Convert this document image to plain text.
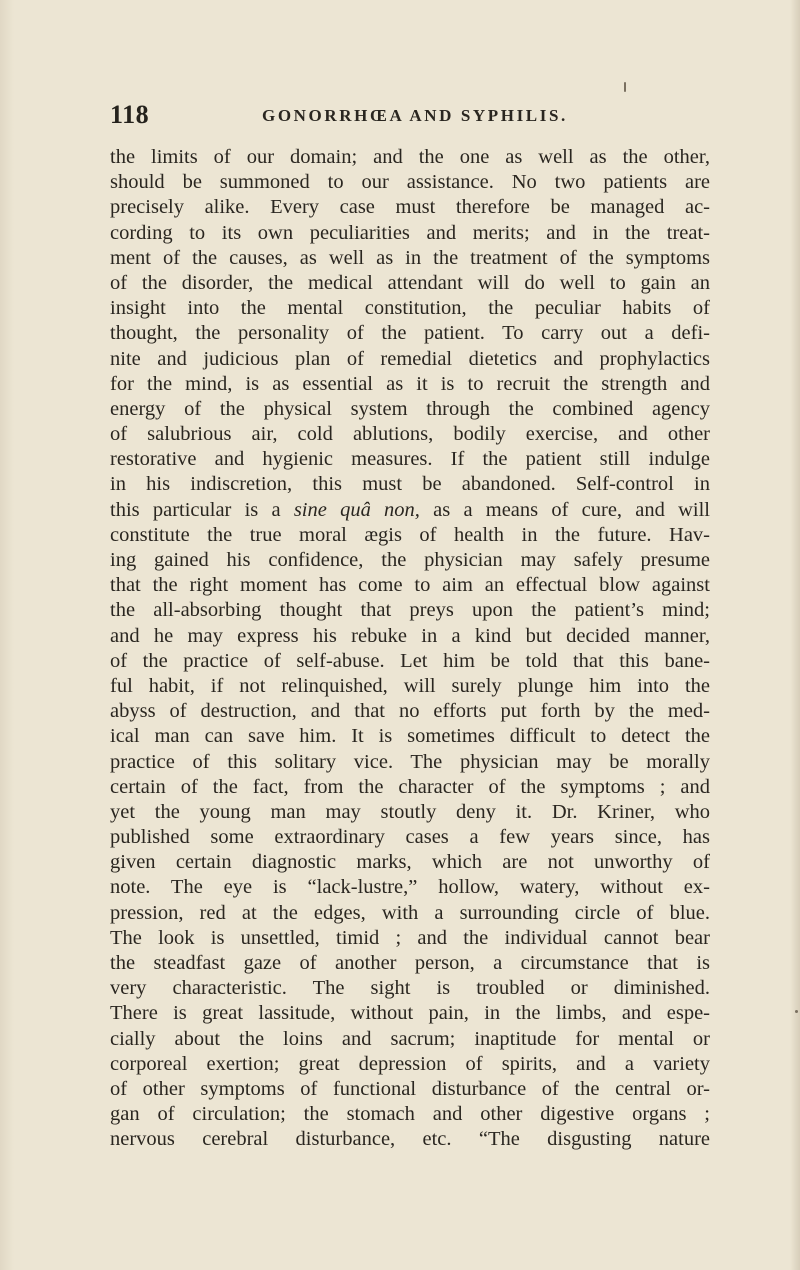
118	GONORRHŒA AND SYPHILIS.
the limits of our domain; and the one as well as the other,
should be summoned to our assistance. No two patients are
precisely alike. Every case must therefore be managed ac-
cording to its own peculiarities and merits; and in the treat-
ment of the causes, as well as in the treatment of the symptoms
of the disorder, the medical attendant will do well to gain an
insight into the mental constitution, the peculiar habits of
thought, the personality of the patient. To carry out a defi-
nite and judicious plan of remedial dietetics and prophylactics
for the mind, is as essential as it is to recruit the strength and
energy of the physical system through the combined agency
of salubrious air, cold ablutions, bodily exercise, and other
restorative and hygienic measures. If the patient still indulge
in his indiscretion, this must be abandoned. Self-control in
this particular is a sine quâ non, as a means of cure, and will
constitute the true moral ægis of health in the future. Hav-
ing gained his confidence, the physician may safely presume
that the right moment has come to aim an effectual blow against
the all-absorbing thought that preys upon the patient’s mind;
and he may express his rebuke in a kind but decided manner,
of the practice of self-abuse. Let him be told that this bane-
ful habit, if not relinquished, will surely plunge him into the
abyss of destruction, and that no efforts put forth by the med-
ical man can save him. It is sometimes difficult to detect the
practice of this solitary vice. The physician may be morally
certain of the fact, from the character of the symptoms ; and
yet the young man may stoutly deny it. Dr. Kriner, who
published some extraordinary cases a few years since, has
given certain diagnostic marks, which are not unworthy of
note. The eye is “lack-lustre,” hollow, watery, without ex-
pression, red at the edges, with a surrounding circle of blue.
The look is unsettled, timid ; and the individual cannot bear
the steadfast gaze of another person, a circumstance that is
very characteristic. The sight is troubled or diminished.
There is great lassitude, without pain, in the limbs, and espe-
cially about the loins and sacrum; inaptitude for mental or
corporeal exertion; great depression of spirits, and a variety
of other symptoms of functional disturbance of the central or-
gan of circulation; the stomach and other digestive organs ;
nervous cerebral disturbance, etc. “The disgusting nature
